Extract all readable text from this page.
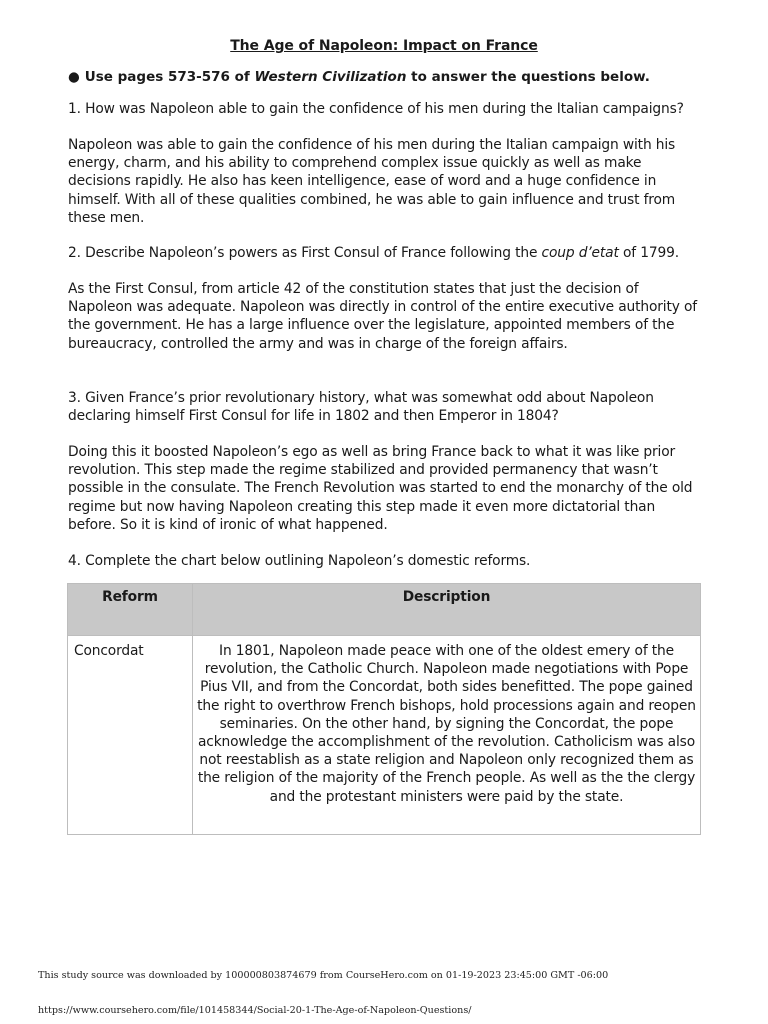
The Age of Napoleon: Impact on France
● Use pages 573-576 of Western Civilization to answer the questions below.
1. How was Napoleon able to gain the confidence of his men during the Italian campaigns?
Napoleon was able to gain the confidence of his men during the Italian campaign with his energy, charm, and his ability to comprehend complex issue quickly as well as make decisions rapidly. He also has keen intelligence, ease of word and a huge confidence in himself. With all of these qualities combined, he was able to gain influence and trust from these men.
2. Describe Napoleon’s powers as First Consul of France following the coup d’etat of 1799.
As the First Consul, from article 42 of the constitution states that just the decision of Napoleon was adequate. Napoleon was directly in control of the entire executive authority of the government. He has a large influence over the legislature, appointed members of the bureaucracy, controlled the army and was in charge of the foreign affairs.
3. Given France’s prior revolutionary history, what was somewhat odd about Napoleon declaring himself First Consul for life in 1802 and then Emperor in 1804?
Doing this it boosted Napoleon’s ego as well as bring France back to what it was like prior revolution. This step made the regime stabilized and provided permanency that wasn’t possible in the consulate. The French Revolution was started to end the monarchy of the old regime but now having Napoleon creating this step made it even more dictatorial than before. So it is kind of ironic of what happened.
4. Complete the chart below outlining Napoleon’s domestic reforms.
Reform	Description
Concordat	In 1801, Napoleon made peace with one of the oldest emery of the revolution, the Catholic Church. Napoleon made negotiations with Pope Pius VII, and from the Concordat, both sides benefitted. The pope gained the right to overthrow French bishops, hold processions again and reopen seminaries. On the other hand, by signing the Concordat, the pope acknowledge the accomplishment of the revolution. Catholicism was also not reestablish as a state religion and Napoleon only recognized them as the religion of the majority of the French people. As well as the the clergy and the protestant ministers were paid by the state.
This study source was downloaded by 100000803874679 from CourseHero.com on 01-19-2023 23:45:00 GMT -06:00
https://www.coursehero.com/file/101458344/Social-20-1-The-Age-of-Napoleon-Questions/
